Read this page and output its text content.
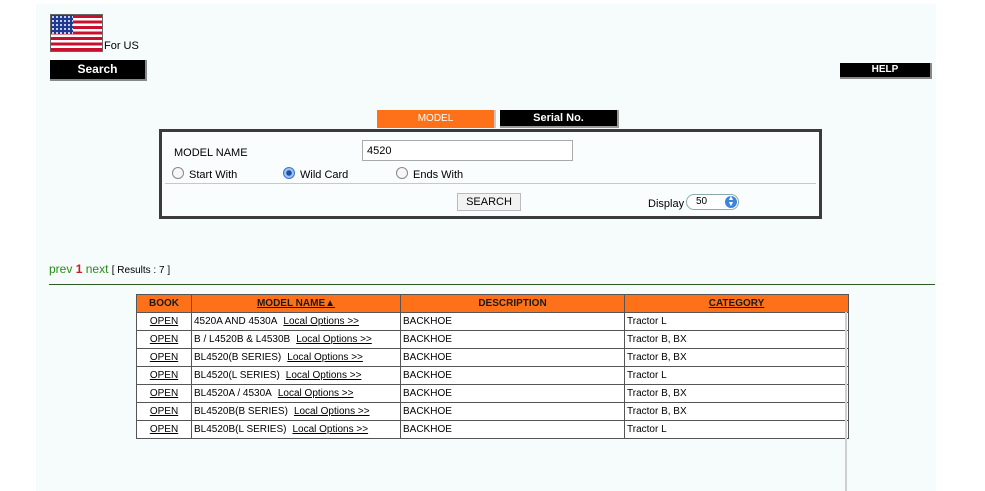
For US
Search	HELP
MODEL	Serial No.
MODEL NAME
4520
Start With	Wild Card	Ends With
SEARCH	Display 50	▲
▼
prev 1 next [ Results : 7 ]
BOOK	MODEL NAME▲	DESCRIPTION	CATEGORY
OPEN	4520A AND 4530A Local Options >>	BACKHOE	Tractor L
OPEN	B / L4520B & L4530B Local Options >>	BACKHOE	Tractor B, BX
OPEN	BL4520(B SERIES) Local Options >>	BACKHOE	Tractor B, BX
OPEN	BL4520(L SERIES) Local Options >>	BACKHOE	Tractor L
OPEN	BL4520A / 4530A Local Options >>	BACKHOE	Tractor B, BX
OPEN	BL4520B(B SERIES) Local Options >>	BACKHOE	Tractor B, BX
OPEN	BL4520B(L SERIES) Local Options >>	BACKHOE	Tractor L
